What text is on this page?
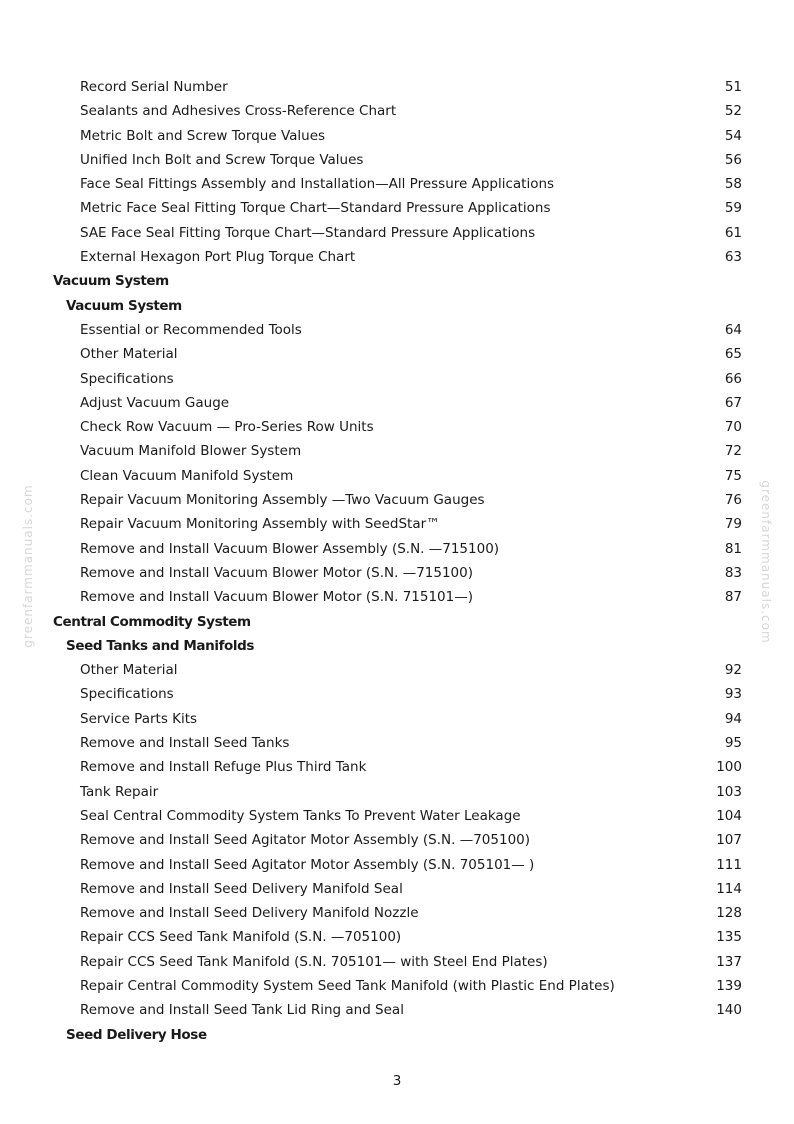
greenfarmmanuals.com	greenfarmmanuals.com
Record Serial Number	51
Sealants and Adhesives Cross-Reference Chart	52
Metric Bolt and Screw Torque Values	54
Unified Inch Bolt and Screw Torque Values	56
Face Seal Fittings Assembly and Installation—All Pressure Applications	58
Metric Face Seal Fitting Torque Chart—Standard Pressure Applications	59
SAE Face Seal Fitting Torque Chart—Standard Pressure Applications	61
External Hexagon Port Plug Torque Chart	63
Vacuum System
Vacuum System
Essential or Recommended Tools	64
Other Material	65
Specifications	66
Adjust Vacuum Gauge	67
Check Row Vacuum — Pro-Series Row Units	70
Vacuum Manifold Blower System	72
Clean Vacuum Manifold System	75
Repair Vacuum Monitoring Assembly —Two Vacuum Gauges	76
Repair Vacuum Monitoring Assembly with SeedStar™	79
Remove and Install Vacuum Blower Assembly (S.N. —715100)	81
Remove and Install Vacuum Blower Motor (S.N. —715100)	83
Remove and Install Vacuum Blower Motor (S.N. 715101—)	87
Central Commodity System
Seed Tanks and Manifolds
Other Material	92
Specifications	93
Service Parts Kits	94
Remove and Install Seed Tanks	95
Remove and Install Refuge Plus Third Tank	100
Tank Repair	103
Seal Central Commodity System Tanks To Prevent Water Leakage	104
Remove and Install Seed Agitator Motor Assembly (S.N. —705100)	107
Remove and Install Seed Agitator Motor Assembly (S.N. 705101— )	111
Remove and Install Seed Delivery Manifold Seal	114
Remove and Install Seed Delivery Manifold Nozzle	128
Repair CCS Seed Tank Manifold (S.N. —705100)	135
Repair CCS Seed Tank Manifold (S.N. 705101— with Steel End Plates)	137
Repair Central Commodity System Seed Tank Manifold (with Plastic End Plates)	139
Remove and Install Seed Tank Lid Ring and Seal	140
Seed Delivery Hose
3
